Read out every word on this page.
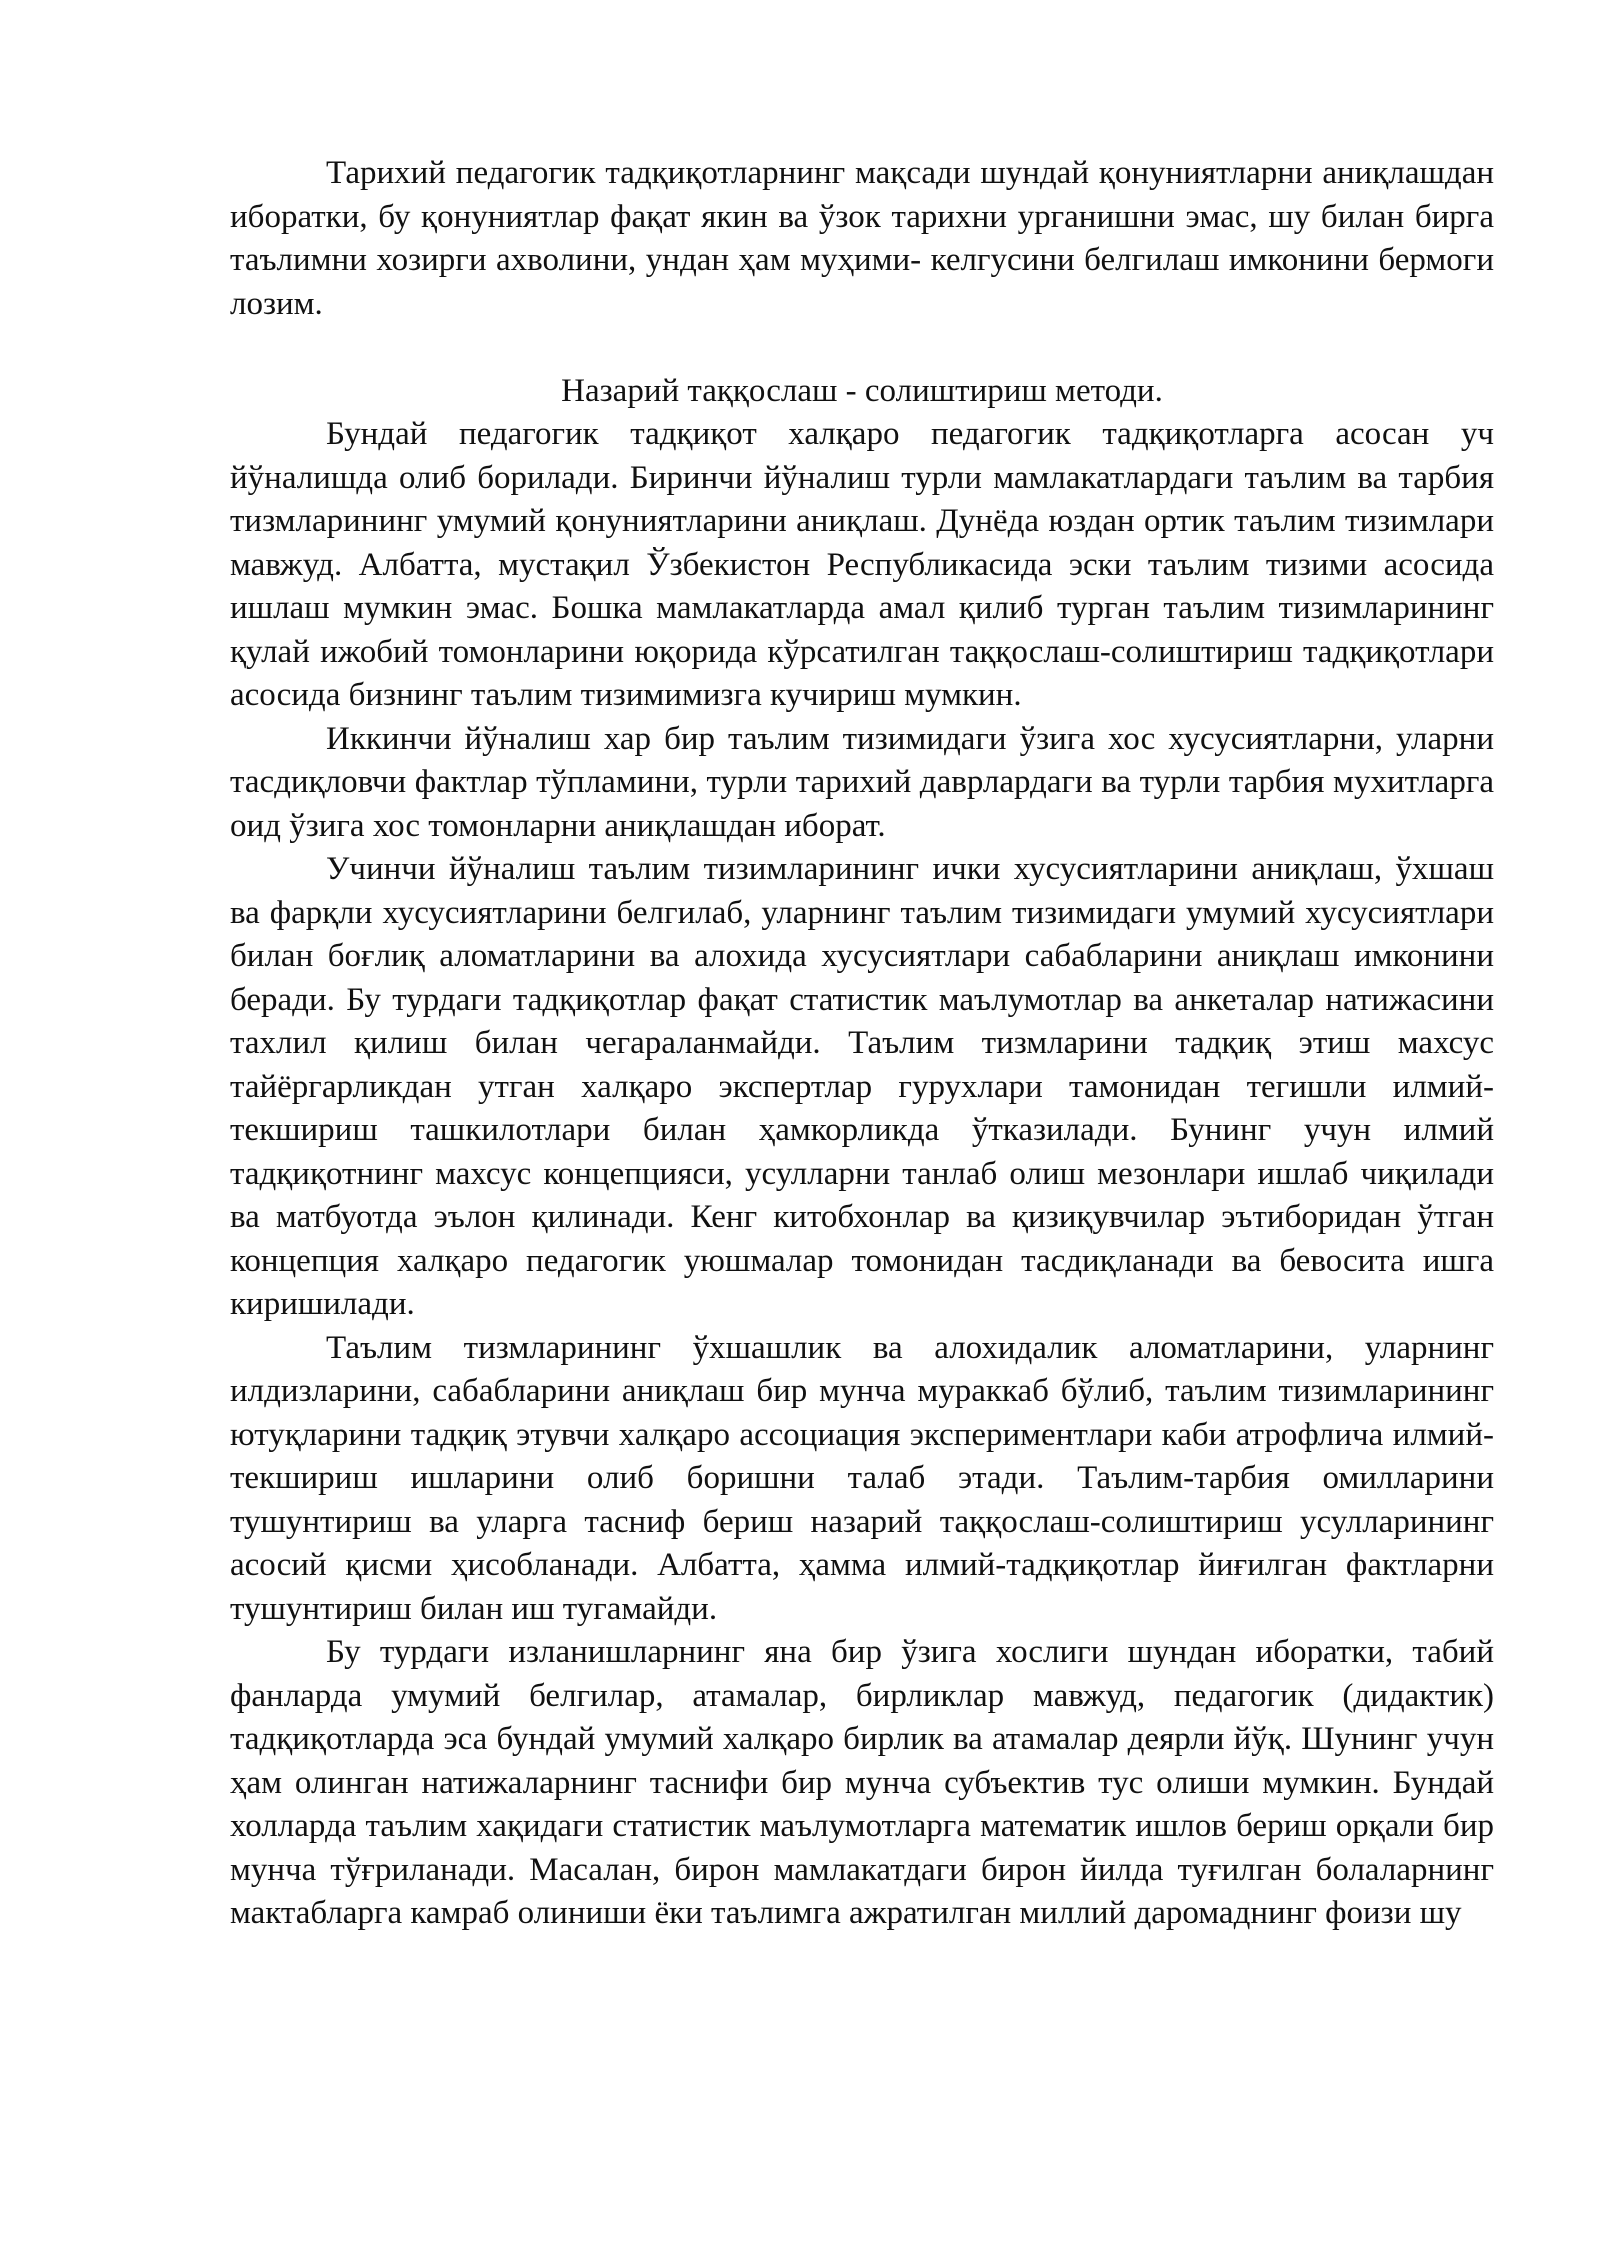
Тарихий педагогик тадқиқотларнинг мақсади шундай қонуниятларни аниқлашдан иборатки, бу қонуниятлар фақат якин ва ўзок тарихни урганишни эмас, шу билан бирга таълимни хозирги ахволини, ундан ҳам муҳими- келгусини белгилаш имконини бермоги лозим.

Назарий таққослаш - солиштириш методи.

Бундай педагогик тадқиқот халқаро педагогик тадқиқотларга асосан уч йўналишда олиб борилади. Биринчи йўналиш турли мамлакатлардаги таълим ва тарбия тизмларининг умумий қонуниятларини аниқлаш. Дунёда юздан ортик таълим тизимлари мавжуд. Албатта, мустақил Ўзбекистон Республикасида эски таълим тизими асосида ишлаш мумкин эмас. Бошка мамлакатларда амал қилиб турган таълим тизимларининг қулай ижобий томонларини юқорида кўрсатилган таққослаш-солиштириш тадқиқотлари асосида бизнинг таълим тизимимизга кучириш мумкин.

Иккинчи йўналиш хар бир таълим тизимидаги ўзига хос хусусиятларни, уларни тасдиқловчи фактлар тўпламини, турли тарихий даврлардаги ва турли тарбия мухитларга оид ўзига хос томонларни аниқлашдан иборат.

Учинчи йўналиш таълим тизимларининг ички хусусиятларини аниқлаш, ўхшаш ва фарқли хусусиятларини белгилаб, уларнинг таълим тизимидаги умумий хусусиятлари билан боғлиқ аломатларини ва алохида хусусиятлари сабабларини аниқлаш имконини беради. Бу турдаги тадқиқотлар фақат статистик маълумотлар ва анкеталар натижасини тахлил қилиш билан чегараланмайди. Таълим тизмларини тадқиқ этиш махсус тайёргарликдан утган халқаро экспертлар гурухлари тамонидан тегишли илмий-текшириш ташкилотлари билан ҳамкорликда ўтказилади. Бунинг учун илмий тадқиқотнинг махсус концепцияси, усулларни танлаб олиш мезонлари ишлаб чиқилади ва матбуотда эълон қилинади. Кенг китобхонлар ва қизиқувчилар эътиборидан ўтган концепция халқаро педагогик уюшмалар томонидан тасдиқланади ва бевосита ишга киришилади.

Таълим тизмларининг ўхшашлик ва алохидалик аломатларини, уларнинг илдизларини, сабабларини аниқлаш бир мунча мураккаб бўлиб, таълим тизимларининг ютуқларини тадқиқ этувчи халқаро ассоциация экспериментлари каби атрофлича илмий-текшириш ишларини олиб боришни талаб этади. Таълим-тарбия омилларини тушунтириш ва уларга тасниф бериш назарий таққослаш-солиштириш усулларининг асосий қисми ҳисобланади. Албатта, ҳамма илмий-тадқиқотлар йиғилган фактларни тушунтириш билан иш тугамайди.

Бу турдаги изланишларнинг яна бир ўзига хослиги шундан иборатки, табий фанларда умумий белгилар, атамалар, бирликлар мавжуд, педагогик (дидактик) тадқиқотларда эса бундай умумий халқаро бирлик ва атамалар деярли йўқ. Шунинг учун ҳам олинган натижаларнинг таснифи бир мунча субъектив тус олиши мумкин. Бундай холларда таълим хақидаги статистик маълумотларга математик ишлов бериш орқали бир мунча тўғриланади. Масалан, бирон мамлакатдаги бирон йилда туғилган болаларнинг мактабларга камраб олиниши ёки таълимга ажратилган миллий даромаднинг фоизи шу
